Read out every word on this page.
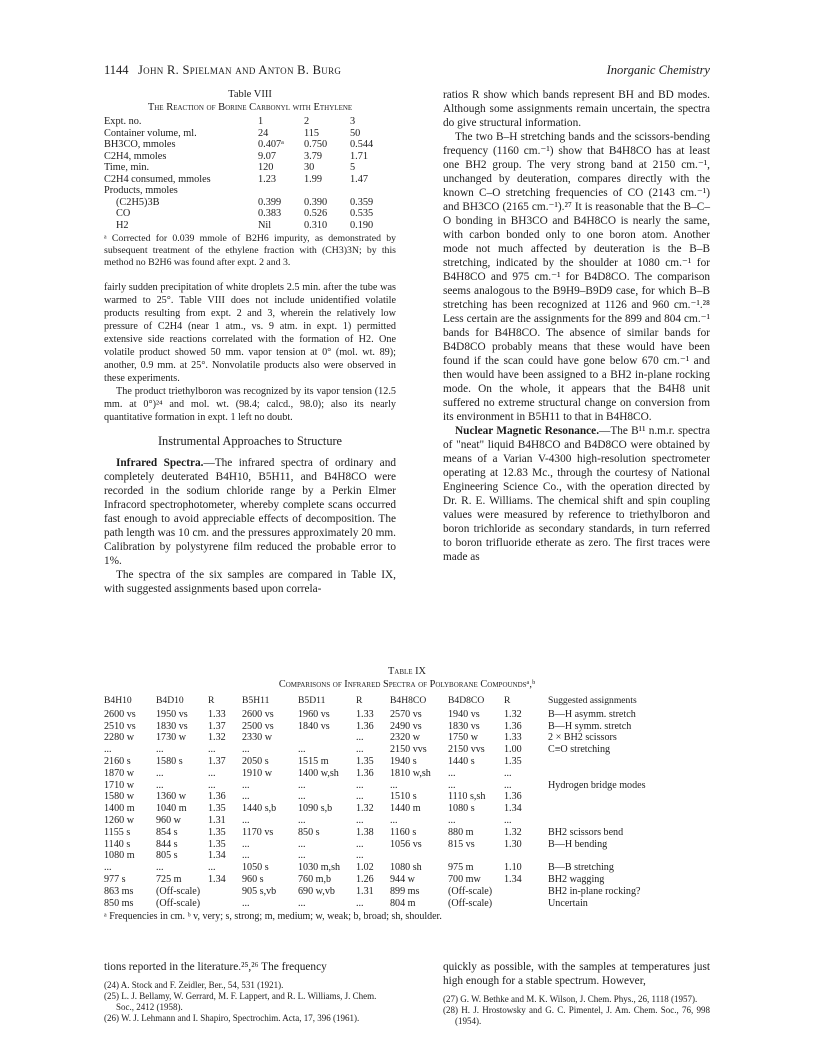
1144 John R. Spielman and Anton B. Burg	Inorganic Chemistry
Table VIII
The Reaction of Borine Carbonyl with Ethylene
Expt. no.	1	2	3
Container volume, ml.	24	115	50
BH3CO, mmoles	0.407ᵃ	0.750	0.544
C2H4, mmoles	9.07	3.79	1.71
Time, min.	120	30	5
C2H4 consumed, mmoles	1.23	1.99	1.47
Products, mmoles			
(C2H5)3B	0.399	0.390	0.359
CO	0.383	0.526	0.535
H2	Nil	0.310	0.190
ᵃ Corrected for 0.039 mmole of B2H6 impurity, as demonstrated by subsequent treatment of the ethylene fraction with (CH3)3N; by this method no B2H6 was found after expt. 2 and 3.

fairly sudden precipitation of white droplets 2.5 min. after the tube was warmed to 25°. Table VIII does not include unidentified volatile products resulting from expt. 2 and 3, wherein the relatively low pressure of C2H4 (near 1 atm., vs. 9 atm. in expt. 1) permitted extensive side reactions correlated with the formation of H2. One volatile product showed 50 mm. vapor tension at 0° (mol. wt. 89); another, 0.9 mm. at 25°. Nonvolatile products also were observed in these experiments.

The product triethylboron was recognized by its vapor tension (12.5 mm. at 0°)²⁴ and mol. wt. (98.4; calcd., 98.0); also its nearly quantitative formation in expt. 1 left no doubt.

Instrumental Approaches to Structure

Infrared Spectra.—The infrared spectra of ordinary and completely deuterated B4H10, B5H11, and B4H8CO were recorded in the sodium chloride range by a Perkin Elmer Infracord spectrophotometer, whereby complete scans occurred fast enough to avoid appreciable effects of decomposition. The path length was 10 cm. and the pressures approximately 20 mm. Calibration by polystyrene film reduced the probable error to 1%.

The spectra of the six samples are compared in Table IX, with suggested assignments based upon correla-

ratios R show which bands represent BH and BD modes. Although some assignments remain uncertain, the spectra do give structural information.

The two B–H stretching bands and the scissors-bending frequency (1160 cm.⁻¹) show that B4H8CO has at least one BH2 group. The very strong band at 2150 cm.⁻¹, unchanged by deuteration, compares directly with the known C–O stretching frequencies of CO (2143 cm.⁻¹) and BH3CO (2165 cm.⁻¹).²⁷ It is reasonable that the B–C–O bonding in BH3CO and B4H8CO is nearly the same, with carbon bonded only to one boron atom. Another mode not much affected by deuteration is the B–B stretching, indicated by the shoulder at 1080 cm.⁻¹ for B4H8CO and 975 cm.⁻¹ for B4D8CO. The comparison seems analogous to the B9H9–B9D9 case, for which B–B stretching has been recognized at 1126 and 960 cm.⁻¹.²⁸ Less certain are the assignments for the 899 and 804 cm.⁻¹ bands for B4H8CO. The absence of similar bands for B4D8CO probably means that these would have been found if the scan could have gone below 670 cm.⁻¹ and then would have been assigned to a BH2 in-plane rocking mode. On the whole, it appears that the B4H8 unit suffered no extreme structural change on conversion from its environment in B5H11 to that in B4H8CO.

Nuclear Magnetic Resonance.—The B¹¹ n.m.r. spectra of "neat" liquid B4H8CO and B4D8CO were obtained by means of a Varian V-4300 high-resolution spectrometer operating at 12.83 Mc., through the courtesy of National Engineering Science Co., with the operation directed by Dr. R. E. Williams. The chemical shift and spin coupling values were measured by reference to triethylboron and boron trichloride as secondary standards, in turn referred to boron trifluoride etherate as zero. The first traces were made as

Table IX
Comparisons of Infrared Spectra of Polyborane Compoundsᵃ,ᵇ
B4H10	B4D10	R	B5H11	B5D11	R	B4H8CO	B4D8CO	R	Suggested assignments
2600 vs	1950 vs	1.33	2600 vs	1960 vs	1.33	2570 vs	1940 vs	1.32	B—H asymm. stretch
2510 vs	1830 vs	1.37	2500 vs	1840 vs	1.36	2490 vs	1830 vs	1.36	B—H symm. stretch
2280 w	1730 w	1.32	2330 w		...	2320 w	1750 w	1.33	2 × BH2 scissors
...	...	...	...	...	...	2150 vvs	2150 vvs	1.00	C≡O stretching
2160 s	1580 s	1.37	2050 s	1515 m	1.35	1940 s	1440 s	1.35	
1870 w	...	...	1910 w	1400 w,sh	1.36	1810 w,sh	...	...	
1710 w	...	...	...	...	...	...	...	...	Hydrogen bridge modes
1580 w	1360 w	1.36	...	...	...	1510 s	1110 s,sh	1.36	
1400 m	1040 m	1.35	1440 s,b	1090 s,b	1.32	1440 m	1080 s	1.34	
1260 w	960 w	1.31	...	...	...	...	...	...	
1155 s	854 s	1.35	1170 vs	850 s	1.38	1160 s	880 m	1.32	BH2 scissors bend
1140 s	844 s	1.35	...	...	...	1056 vs	815 vs	1.30	B—H bending
1080 m	805 s	1.34	...	...	...				
...	...	...	1050 s	1030 m,sh	1.02	1080 sh	975 m	1.10	B—B stretching
977 s	725 m	1.34	960 s	760 m,b	1.26	944 w	700 mw	1.34	BH2 wagging
863 ms	(Off-scale)		905 s,vb	690 w,vb	1.31	899 ms	(Off-scale)		BH2 in-plane rocking?
850 ms	(Off-scale)		...	...	...	804 m	(Off-scale)		Uncertain
ᵃ Frequencies in cm. ᵇ v, very; s, strong; m, medium; w, weak; b, broad; sh, shoulder.
tions reported in the literature.²⁵,²⁶ The frequency
(24) A. Stock and F. Zeidler, Ber., 54, 531 (1921).
(25) L. J. Bellamy, W. Gerrard, M. F. Lappert, and R. L. Williams, J. Chem. Soc., 2412 (1958).
(26) W. J. Lehmann and I. Shapiro, Spectrochim. Acta, 17, 396 (1961).
quickly as possible, with the samples at temperatures just high enough for a stable spectrum. However,
(27) G. W. Bethke and M. K. Wilson, J. Chem. Phys., 26, 1118 (1957).
(28) H. J. Hrostowsky and G. C. Pimentel, J. Am. Chem. Soc., 76, 998 (1954).
